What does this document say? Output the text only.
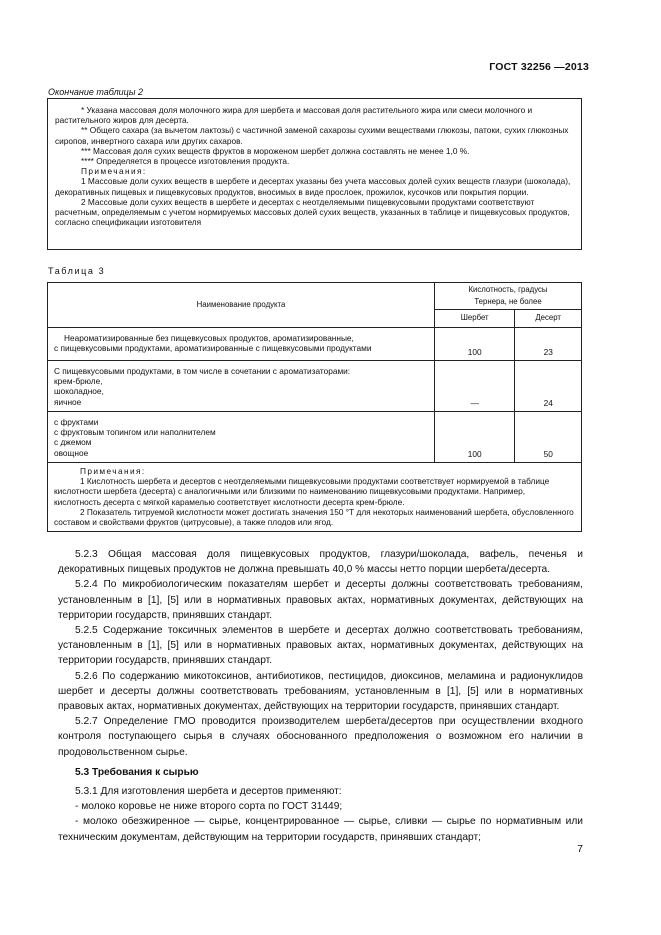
ГОСТ 32256 —2013
Окончание таблицы 2

* Указана массовая доля молочного жира для шербета и массовая доля растительного жира или смеси молочного и растительного жиров для десерта.

** Общего сахара (за вычетом лактозы) с частичной заменой сахарозы сухими веществами глюкозы, патоки, сухих глюкозных сиропов, инвертного сахара или других сахаров.

*** Массовая доля сухих веществ фруктов в мороженом шербет должна составлять не менее 1,0 %.

**** Определяется в процессе изготовления продукта.

Примечания:

1 Массовые доли сухих веществ в шербете и десертах указаны без учета массовых долей сухих веществ глазури (шоколада), декоративных пищевых и пищевкусовых продуктов, вносимых в виде прослоек, прожилок, кусочков или покрытия порции.

2 Массовые доли сухих веществ в шербете и десертах с неотделяемыми пищевкусовыми продуктами соответствуют расчетным, определяемым с учетом нормируемых массовых долей сухих веществ, указанных в таблице и пищевкусовых продуктов, согласно спецификации изготовителя

Таблица 3
Наименование продукта	Кислотность, градусы
Тернера, не более	
	Шербет	Десерт

Неароматизированные без пищевкусовых продуктов, ароматизированные,
с пищевкусовыми продуктами, ароматизированные с пищевкусовыми продуктами	100	23

С пищевкусовыми продуктами, в том числе в сочетании с ароматизаторами:
крем-брюле,
шоколадное,
яичное	—	24

с фруктами
с фруктовым топингом или наполнителем
с джемом
овощное	100	50

Примечания:
1 Кислотность шербета и десертов с неотделяемыми пищевкусовыми продуктами соответствует нормируемой в таблице кислотности шербета (десерта) с аналогичными или близкими по наименованию пищевкусовыми продуктами. Например, кислотность десерта с мягкой карамелью соответствует кислотности десерта крем-брюле.
2 Показатель титруемой кислотности может достигать значения 150 °Т для некоторых наименований шербета, обусловленного составом и свойствами фруктов (цитрусовые), а также плодов или ягод.		

5.2.3 Общая массовая доля пищевкусовых продуктов, глазури/шоколада, вафель, печенья и декоративных пищевых продуктов не должна превышать 40,0 % массы нетто порции шербета/десерта.

5.2.4 По микробиологическим показателям шербет и десерты должны соответствовать требованиям, установленным в [1], [5] или в нормативных правовых актах, нормативных документах, действующих на территории государств, принявших стандарт.

5.2.5 Содержание токсичных элементов в шербете и десертах должно соответствовать требованиям, установленным в [1], [5] или в нормативных правовых актах, нормативных документах, действующих на территории государств, принявших стандарт.

5.2.6 По содержанию микотоксинов, антибиотиков, пестицидов, диоксинов, меламина и радионуклидов шербет и десерты должны соответствовать требованиям, установленным в [1], [5] или в нормативных правовых актах, нормативных документах, действующих на территории государств, принявших стандарт.

5.2.7 Определение ГМО проводится производителем шербета/десертов при осуществлении входного контроля поступающего сырья в случаях обоснованного предположения о возможном его наличии в продовольственном сырье.

5.3 Требования к сырью

5.3.1 Для изготовления шербета и десертов применяют:

- молоко коровье не ниже второго сорта по ГОСТ 31449;

- молоко обезжиренное — сырье, концентрированное — сырье, сливки — сырье по нормативным или техническим документам, действующим на территории государств, принявших стандарт;

7
